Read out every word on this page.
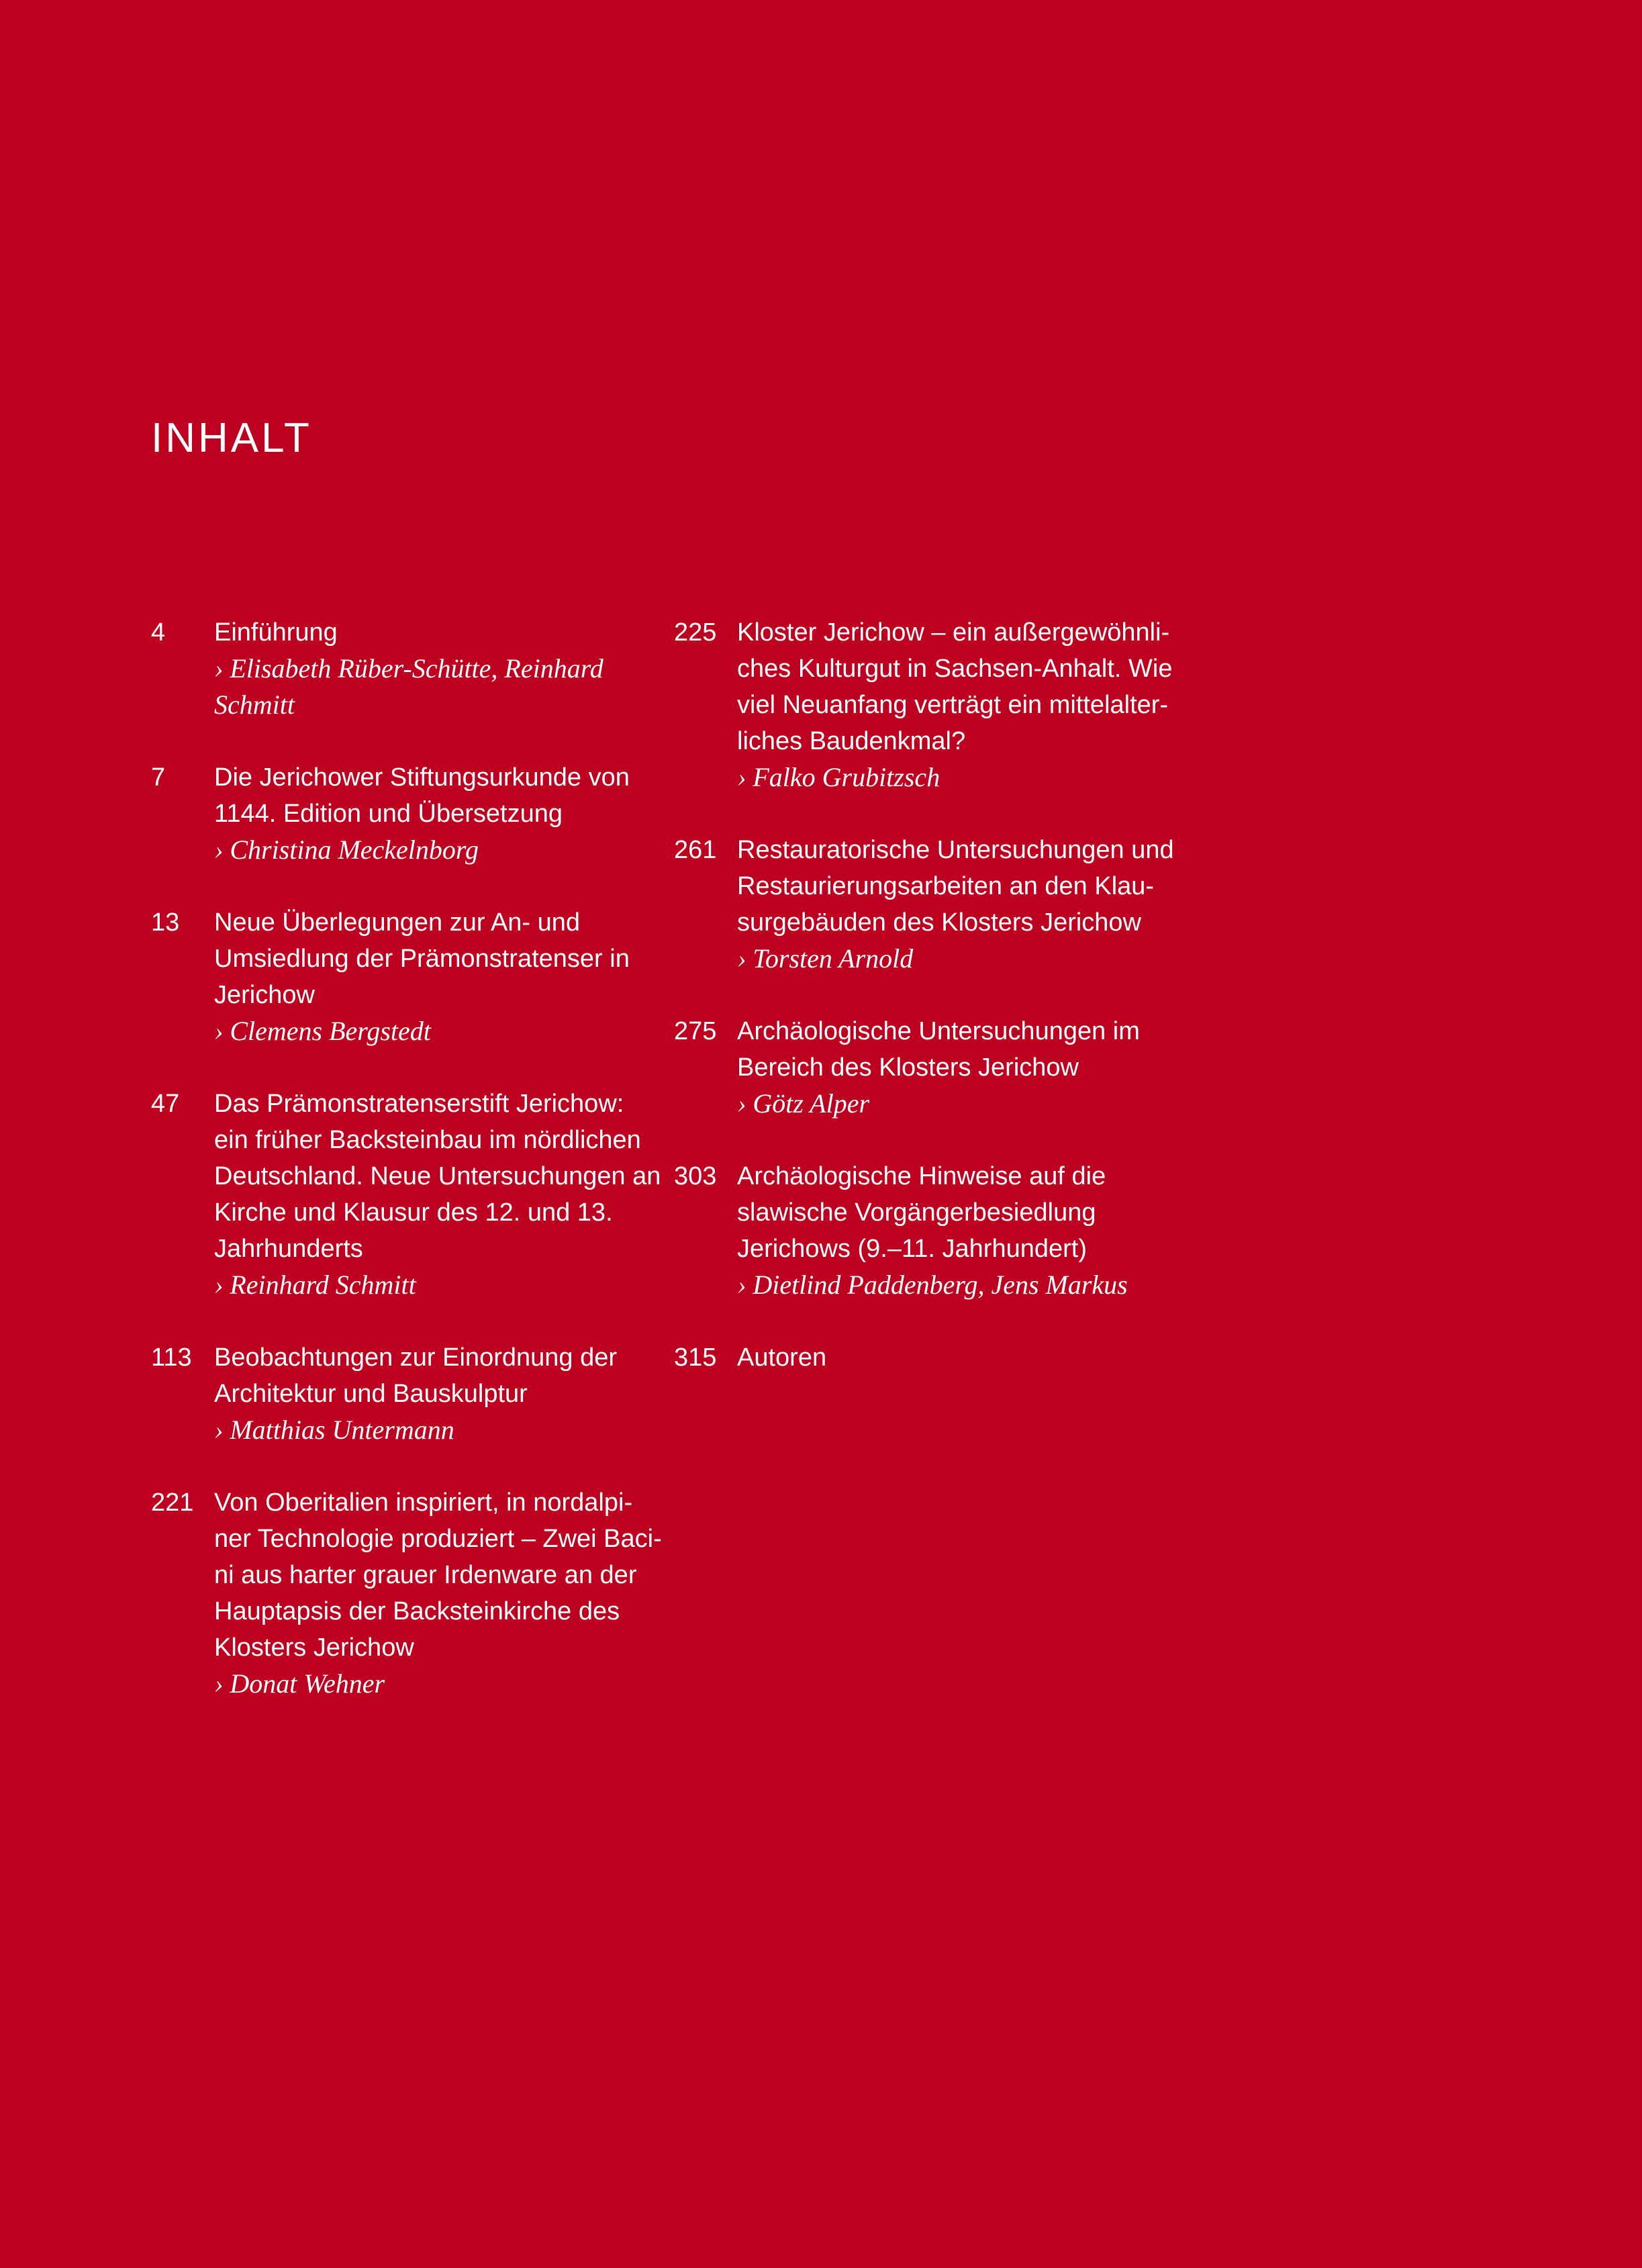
INHALT
4	Einführung

› Elisabeth Rüber-Schütte, Reinhard

Schmitt

7	Die Jerichower Stiftungsurkunde von

1144. Edition und Übersetzung

› Christina Meckelnborg

13	Neue Überlegungen zur An- und

Umsiedlung der Prämonstratenser in

Jerichow

› Clemens Bergstedt

47	Das Prämonstratenserstift Jerichow:

ein früher Backsteinbau im nördlichen

Deutschland. Neue Untersuchungen an

Kirche und Klausur des 12. und 13.

Jahrhunderts

› Reinhard Schmitt

113 Beobachtungen zur Einordnung der

Architektur und Bauskulptur

› Matthias Untermann

221 Von Oberitalien inspiriert, in nordalpi-

ner Technologie produziert – Zwei Baci-

ni aus harter grauer Irdenware an der

Hauptapsis der Backsteinkirche des

Klosters Jerichow

› Donat Wehner

225 Kloster Jerichow – ein außergewöhnli-

ches Kulturgut in Sachsen-Anhalt. Wie

viel Neuanfang verträgt ein mittelalter-

liches Baudenkmal?

› Falko Grubitzsch

261 Restauratorische Untersuchungen und

Restaurierungsarbeiten an den Klau-

surgebäuden des Klosters Jerichow

› Torsten Arnold

275 Archäologische Untersuchungen im

Bereich des Klosters Jerichow

› Götz Alper

303 Archäologische Hinweise auf die

slawische Vorgängerbesiedlung

Jerichows (9.–11. Jahrhundert)

› Dietlind Paddenberg, Jens Markus

315 Autoren
